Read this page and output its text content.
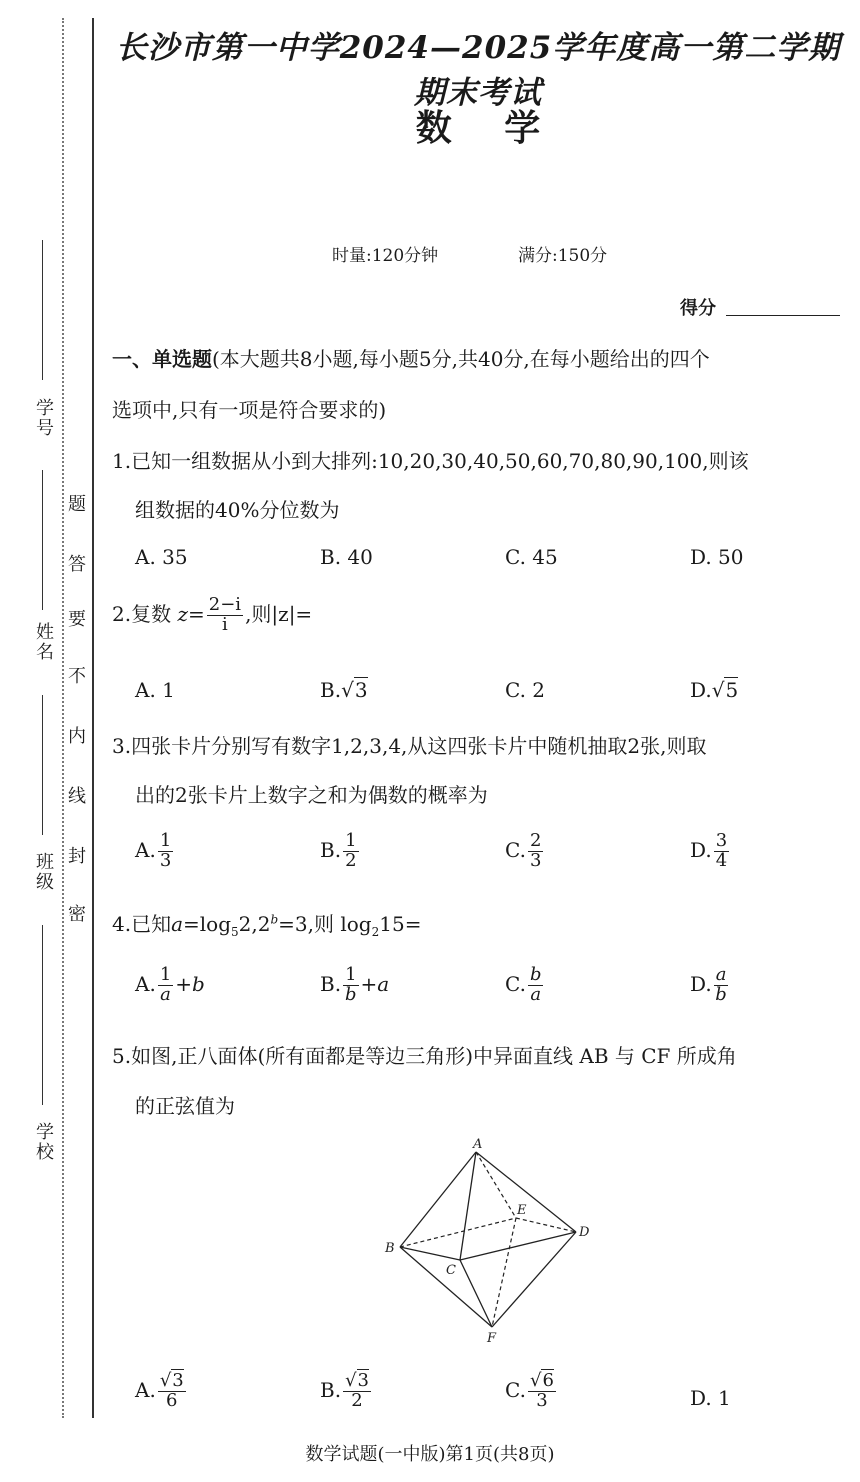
学号
姓名
班级
学校
题
答
要
不
内
线
封
密
长沙市第一中学2024—2025学年度高一第二学期期末考试
数 学
时量:120分钟	满分:150分
得分
一、单选题(本大题共8小题,每小题5分,共40分,在每小题给出的四个
选项中,只有一项是符合要求的)
1.已知一组数据从小到大排列:10,20,30,40,50,60,70,80,90,100,则该
组数据的40%分位数为
A. 35	B. 40	C. 45	D. 50
2.复数 $z= \frac{2-i}{i}$ ,则|z|=
A. 1	B.√3	C. 2	D.√5
3.四张卡片分别写有数字1,2,3,4,从这四张卡片中随机抽取2张,则取
出的2张卡片上数字之和为偶数的概率为
A. $\frac{1}{3}$	B. $\frac{1}{2}$	C. $\frac{2}{3}$	D. $\frac{3}{4}$
4.已知$a=\log_52,2^b=3$,则 $\log_215=$
A. $\frac{1}{a} +b$	B. $\frac{1}{b} +a$	C. $\frac{b}{a}$	D. $\frac{a}{b}$
5.如图,正八面体(所有面都是等边三角形)中异面直线 AB 与 CF 所成角
的正弦值为
A
B
C
D
E
F
A. $\frac{√3}{6}$	B. $\frac{√3}{2}$	C. $\frac{√6}{3}$	D. 1
数学试题(一中版)第1页(共8页)
